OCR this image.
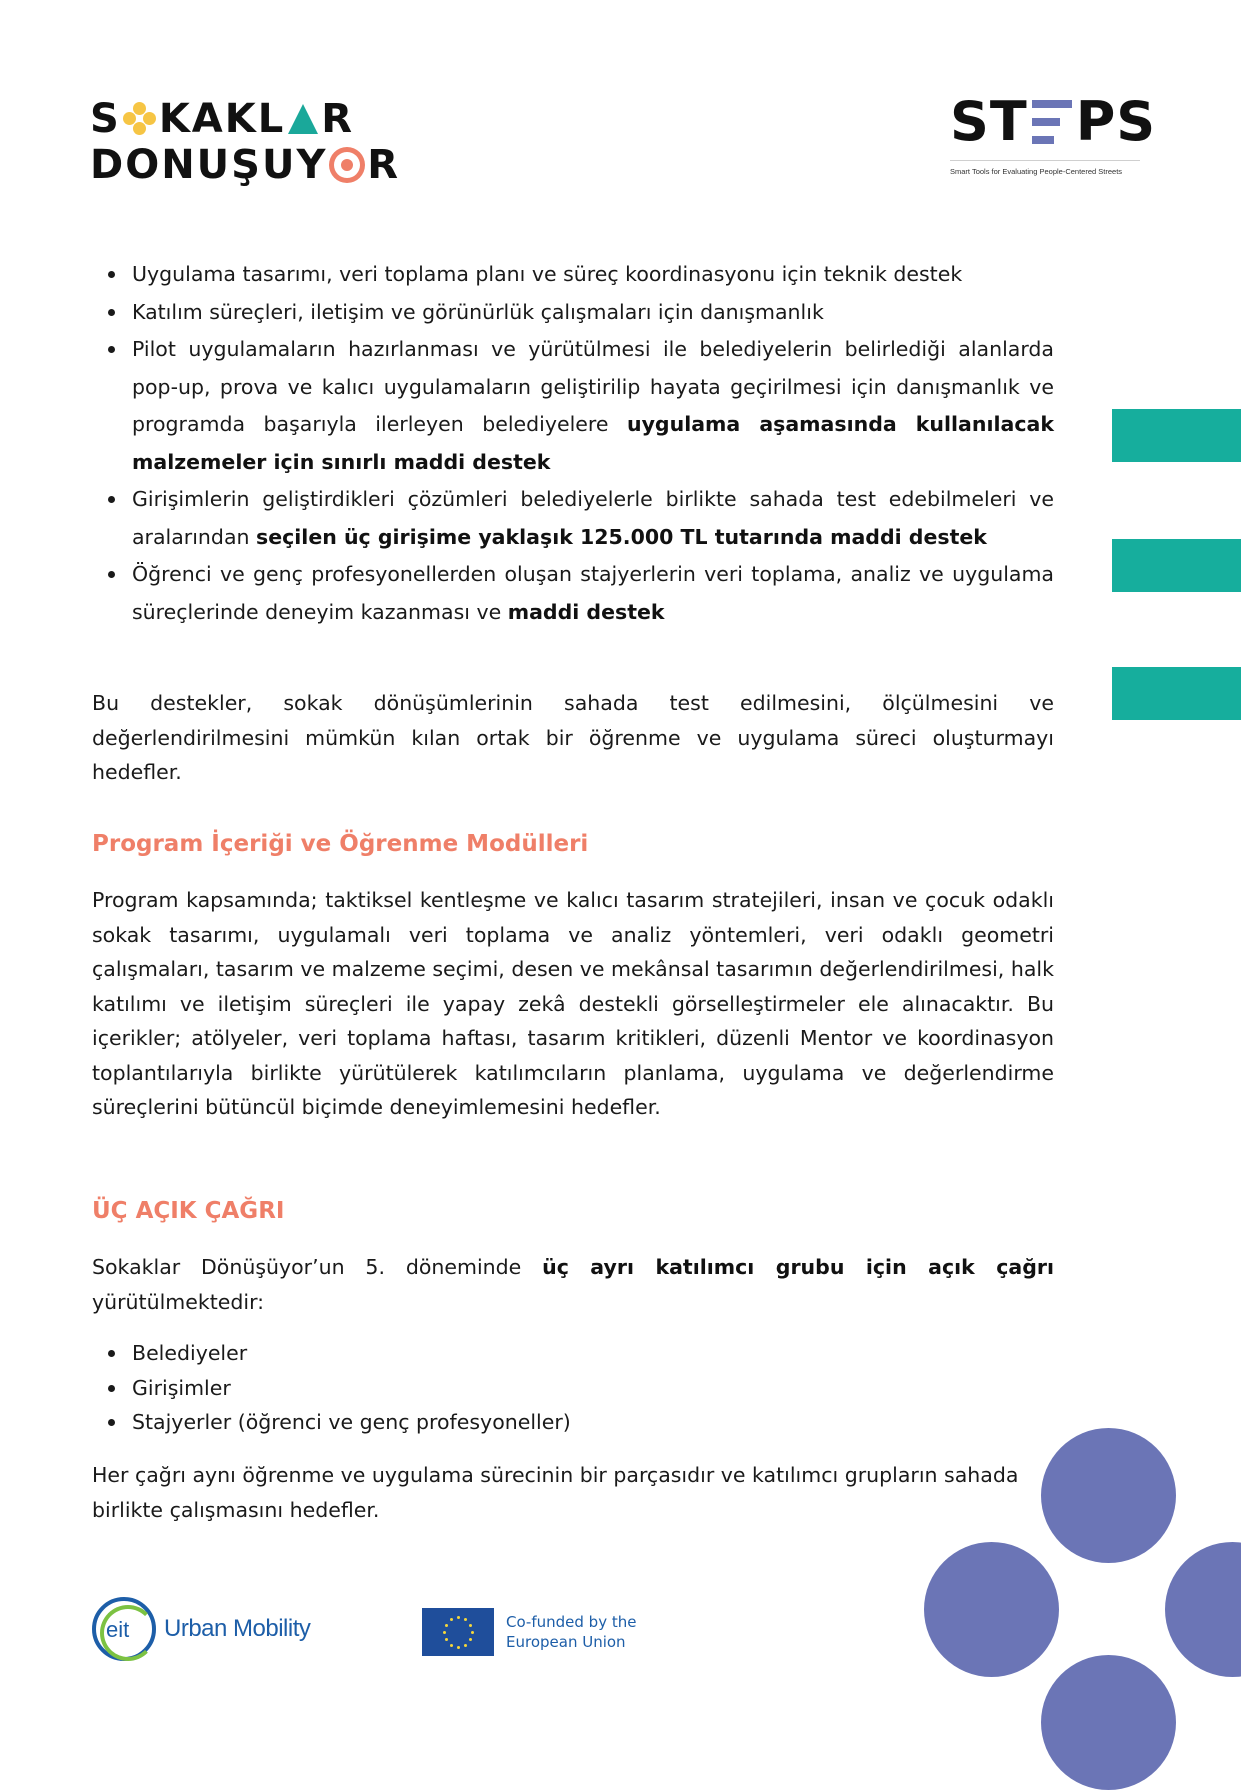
S KAKL R
DONUŞUY R
ST PS
Smart Tools for Evaluating People-Centered Streets
Uygulama tasarımı, veri toplama planı ve süreç koordinasyonu için teknik destek
Katılım süreçleri, iletişim ve görünürlük çalışmaları için danışmanlık
Pilot uygulamaların hazırlanması ve yürütülmesi ile belediyelerin belirlediği alanlarda pop-up, prova ve kalıcı uygulamaların geliştirilip hayata geçirilmesi için danışmanlık ve programda başarıyla ilerleyen belediyelere uygulama aşamasında kullanılacak malzemeler için sınırlı maddi destek
Girişimlerin geliştirdikleri çözümleri belediyelerle birlikte sahada test edebilmeleri ve aralarından seçilen üç girişime yaklaşık 125.000 TL tutarında maddi destek
Öğrenci ve genç profesyonellerden oluşan stajyerlerin veri toplama, analiz ve uygulama süreçlerinde deneyim kazanması ve maddi destek

Bu destekler, sokak dönüşümlerinin sahada test edilmesini, ölçülmesini ve değerlendirilmesini mümkün kılan ortak bir öğrenme ve uygulama süreci oluşturmayı hedefler.

Program İçeriği ve Öğrenme Modülleri

Program kapsamında; taktiksel kentleşme ve kalıcı tasarım stratejileri, insan ve çocuk odaklı sokak tasarımı, uygulamalı veri toplama ve analiz yöntemleri, veri odaklı geometri çalışmaları, tasarım ve malzeme seçimi, desen ve mekânsal tasarımın değerlendirilmesi, halk katılımı ve iletişim süreçleri ile yapay zekâ destekli görselleştirmeler ele alınacaktır. Bu içerikler; atölyeler, veri toplama haftası, tasarım kritikleri, düzenli Mentor ve koordinasyon toplantılarıyla birlikte yürütülerek katılımcıların planlama, uygulama ve değerlendirme süreçlerini bütüncül biçimde deneyimlemesini hedefler.

ÜÇ AÇIK ÇAĞRI

Sokaklar Dönüşüyor’un 5. döneminde üç ayrı katılımcı grubu için açık çağrı yürütülmektedir:

Belediyeler
Girişimler
Stajyerler (öğrenci ve genç profesyoneller)

Her çağrı aynı öğrenme ve uygulama sürecinin bir parçasıdır ve katılımcı grupların sahada birlikte çalışmasını hedefler.

eit Urban Mobility	Co-funded by the
European Union
